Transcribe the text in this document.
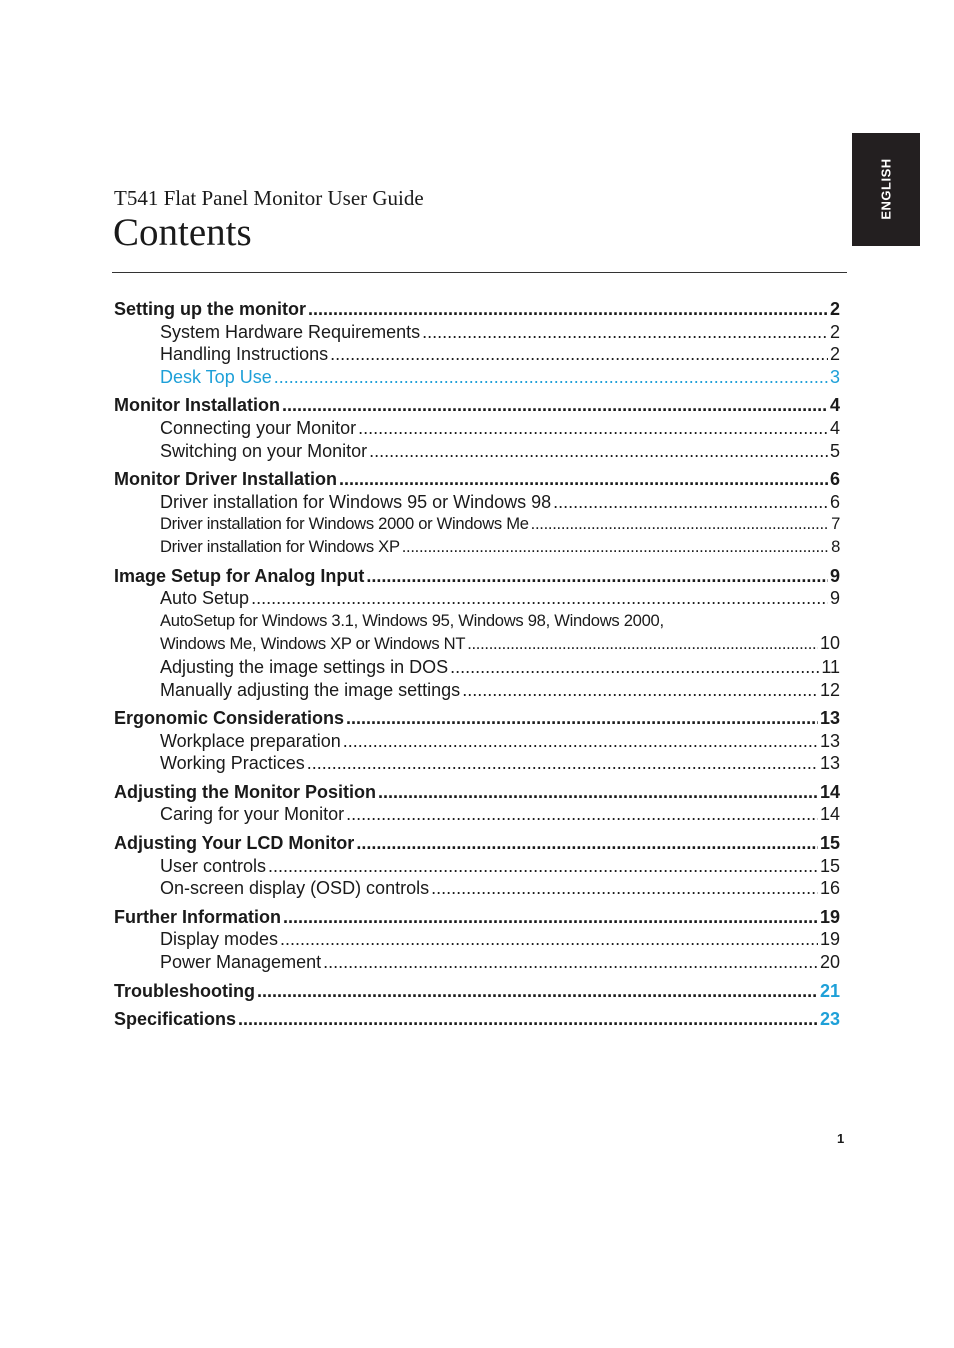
ENGLISH
T541 Flat Panel Monitor User Guide
Contents
Setting up the monitor .....	2
System Hardware Requirements .....	2
Handling Instructions .....	2
Desk Top Use .....	3
Monitor Installation .....	4
Connecting your Monitor .....	4
Switching on your Monitor .....	5
Monitor Driver Installation .....	6
Driver installation for Windows 95 or Windows 98 .....	6
Driver installation for Windows 2000 or Windows Me .....	7
Driver installation for Windows XP .....	8
Image Setup for Analog Input .....	9
Auto Setup .....	9
AutoSetup for Windows 3.1, Windows 95, Windows 98, Windows 2000,
Windows Me, Windows XP or Windows NT .....	10
Adjusting the image settings in DOS .....	11
Manually adjusting the image settings .....	12
Ergonomic Considerations .....	13
Workplace preparation .....	13
Working Practices .....	13
Adjusting the Monitor Position .....	14
Caring for your Monitor .....	14
Adjusting Your LCD Monitor .....	15
User controls .....	15
On-screen display (OSD) controls .....	16
Further Information .....	19
Display modes .....	19
Power Management .....	20
Troubleshooting .....	21
Specifications .....	23
1
